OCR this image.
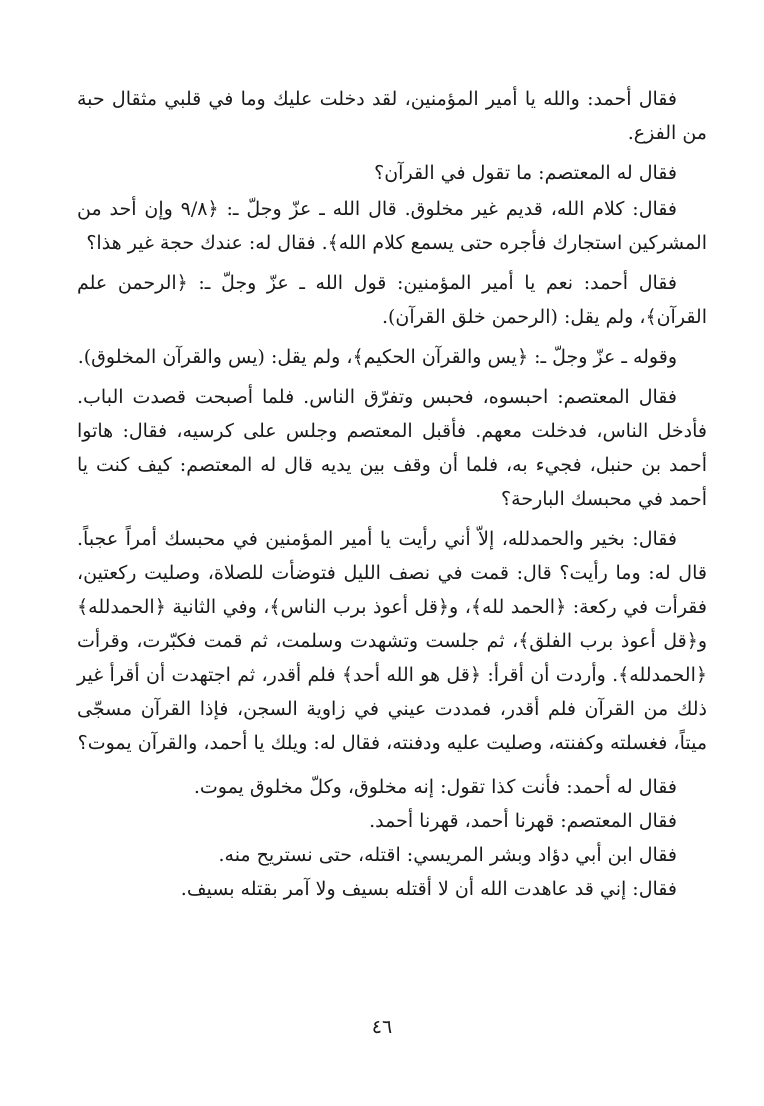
فقال أحمد: والله يا أمير المؤمنين، لقد دخلت عليك وما في قلبي مثقال حبة من الفزع.

فقال له المعتصم: ما تقول في القرآن؟

فقال: كلام الله، قديم غير مخلوق. قال الله ـ عزّ وجلّ ـ: ﴿٩/٨ وإن أحد من المشركين استجارك فأجره حتى يسمع كلام الله﴾. فقال له: عندك حجة غير هذا؟

فقال أحمد: نعم يا أمير المؤمنين: قول الله ـ عزّ وجلّ ـ: ﴿الرحمن علم القرآن﴾، ولم يقل: (الرحمن خلق القرآن).

وقوله ـ عزّ وجلّ ـ: ﴿يس والقرآن الحكيم﴾، ولم يقل: (يس والقرآن المخلوق).

فقال المعتصم: احبسوه، فحبس وتفرّق الناس. فلما أصبحت قصدت الباب. فأدخل الناس، فدخلت معهم. فأقبل المعتصم وجلس على كرسيه، فقال: هاتوا أحمد بن حنبل، فجيء به، فلما أن وقف بين يديه قال له المعتصم: كيف كنت يا أحمد في محبسك البارحة؟

فقال: بخير والحمدلله، إلاّ أني رأيت يا أمير المؤمنين في محبسك أمراً عجباً. قال له: وما رأيت؟ قال: قمت في نصف الليل فتوضأت للصلاة، وصليت ركعتين، فقرأت في ركعة: ﴿الحمد لله﴾، و﴿قل أعوذ برب الناس﴾، وفي الثانية ﴿الحمدلله﴾ و﴿قل أعوذ برب الفلق﴾، ثم جلست وتشهدت وسلمت، ثم قمت فكبّرت، وقرأت ﴿الحمدلله﴾. وأردت أن أقرأ: ﴿قل هو الله أحد﴾ فلم أقدر، ثم اجتهدت أن أقرأ غير ذلك من القرآن فلم أقدر، فمددت عيني في زاوية السجن، فإذا القرآن مسجّى ميتاً، فغسلته وكفنته، وصليت عليه ودفنته، فقال له: ويلك يا أحمد، والقرآن يموت؟

فقال له أحمد: فأنت كذا تقول: إنه مخلوق، وكلّ مخلوق يموت.
فقال المعتصم: قهرنا أحمد، قهرنا أحمد.
فقال ابن أبي دؤاد وبشر المريسي: اقتله، حتى نستريح منه.
فقال: إني قد عاهدت الله أن لا أقتله بسيف ولا آمر بقتله بسيف.
٤٦
